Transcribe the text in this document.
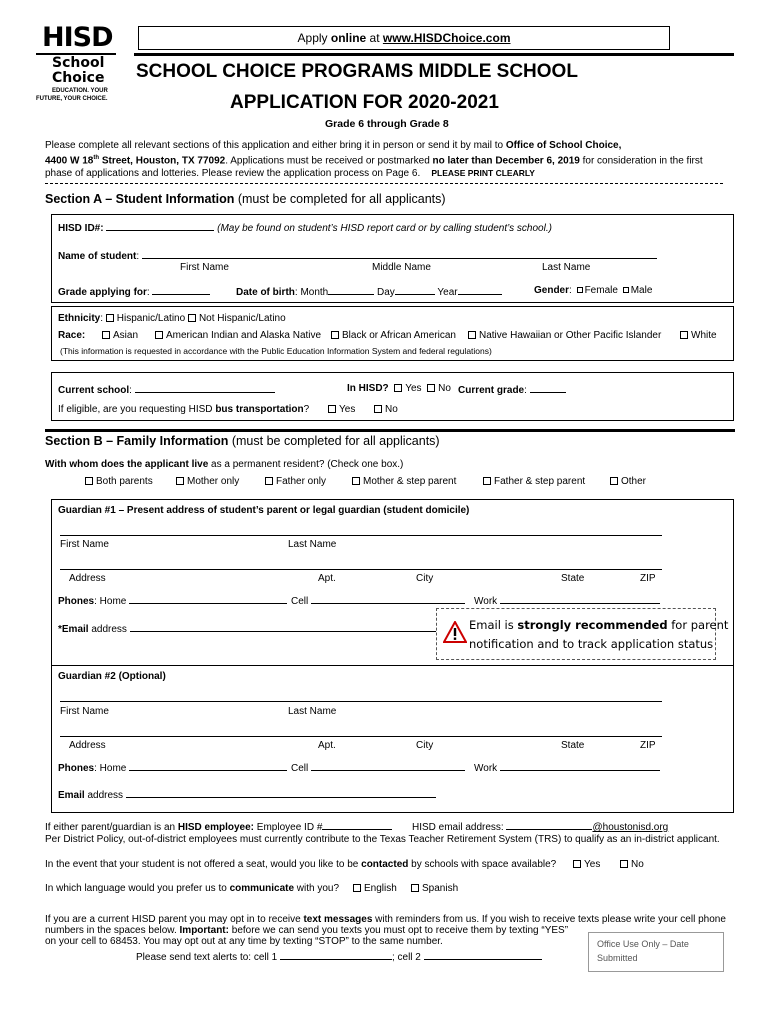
HISD
School
Choice
EDUCATION. YOUR
FUTURE, YOUR CHOICE.
Apply online at www.HISDChoice.com
SCHOOL CHOICE PROGRAMS MIDDLE SCHOOL
APPLICATION FOR 2020-2021
Grade 6 through Grade 8
Please complete all relevant sections of this application and either bring it in person or send it by mail to Office of School Choice,
4400 W 18th Street, Houston, TX 77092. Applications must be received or postmarked no later than December 6, 2019 for consideration in the first
phase of applications and lotteries. Please review the application process on Page 6. PLEASE PRINT CLEARLY
Section A – Student Information (must be completed for all applicants)
HISD ID#:	(May be found on student’s HISD report card or by calling student’s school.)
Name of student:
First Name	Middle Name	Last Name
Grade applying for:	Date of birth: Month	Day	Year	Gender: Female Male
Ethnicity: Hispanic/Latino Not Hispanic/Latino
Race:	Asian	American Indian and Alaska Native	Black or African American	Native Hawaiian or Other Pacific Islander	White
(This information is requested in accordance with the Public Education Information System and federal regulations)
Current school:	In HISD? Yes No Current grade:
If eligible, are you requesting HISD bus transportation?	Yes	No
Section B – Family Information (must be completed for all applicants)
With whom does the applicant live as a permanent resident? (Check one box.)
Both parents	Mother only	Father only	Mother & step parent	Father & step parent	Other
Guardian #1 – Present address of student’s parent or legal guardian (student domicile)
First Name	Last Name
Address	Apt.	City	State	ZIP
Phones: Home	Cell	Work
*Email address	Email is strongly recommended for parent
notification and to track application status
Guardian #2 (Optional)
First Name	Last Name
Address	Apt.	City	State	ZIP
Phones: Home	Cell	Work
Email address
If either parent/guardian is an HISD employee: Employee ID #	HISD email address:	@houstonisd.org
Per District Policy, out-of-district employees must currently contribute to the Texas Teacher Retirement System (TRS) to qualify as an in-district applicant.
In the event that your student is not offered a seat, would you like to be contacted by schools with space available?	Yes	No
In which language would you prefer us to communicate with you?	English	Spanish
If you are a current HISD parent you may opt in to receive text messages with reminders from us. If you wish to receive texts please write your cell phone
numbers in the spaces below. Important: before we can send you texts you must opt to receive them by texting “YES”
on your cell to 68453. You may opt out at any time by texting “STOP” to the same number.
Please send text alerts to: cell 1	; cell 2
Office Use Only – Date
Submitted
